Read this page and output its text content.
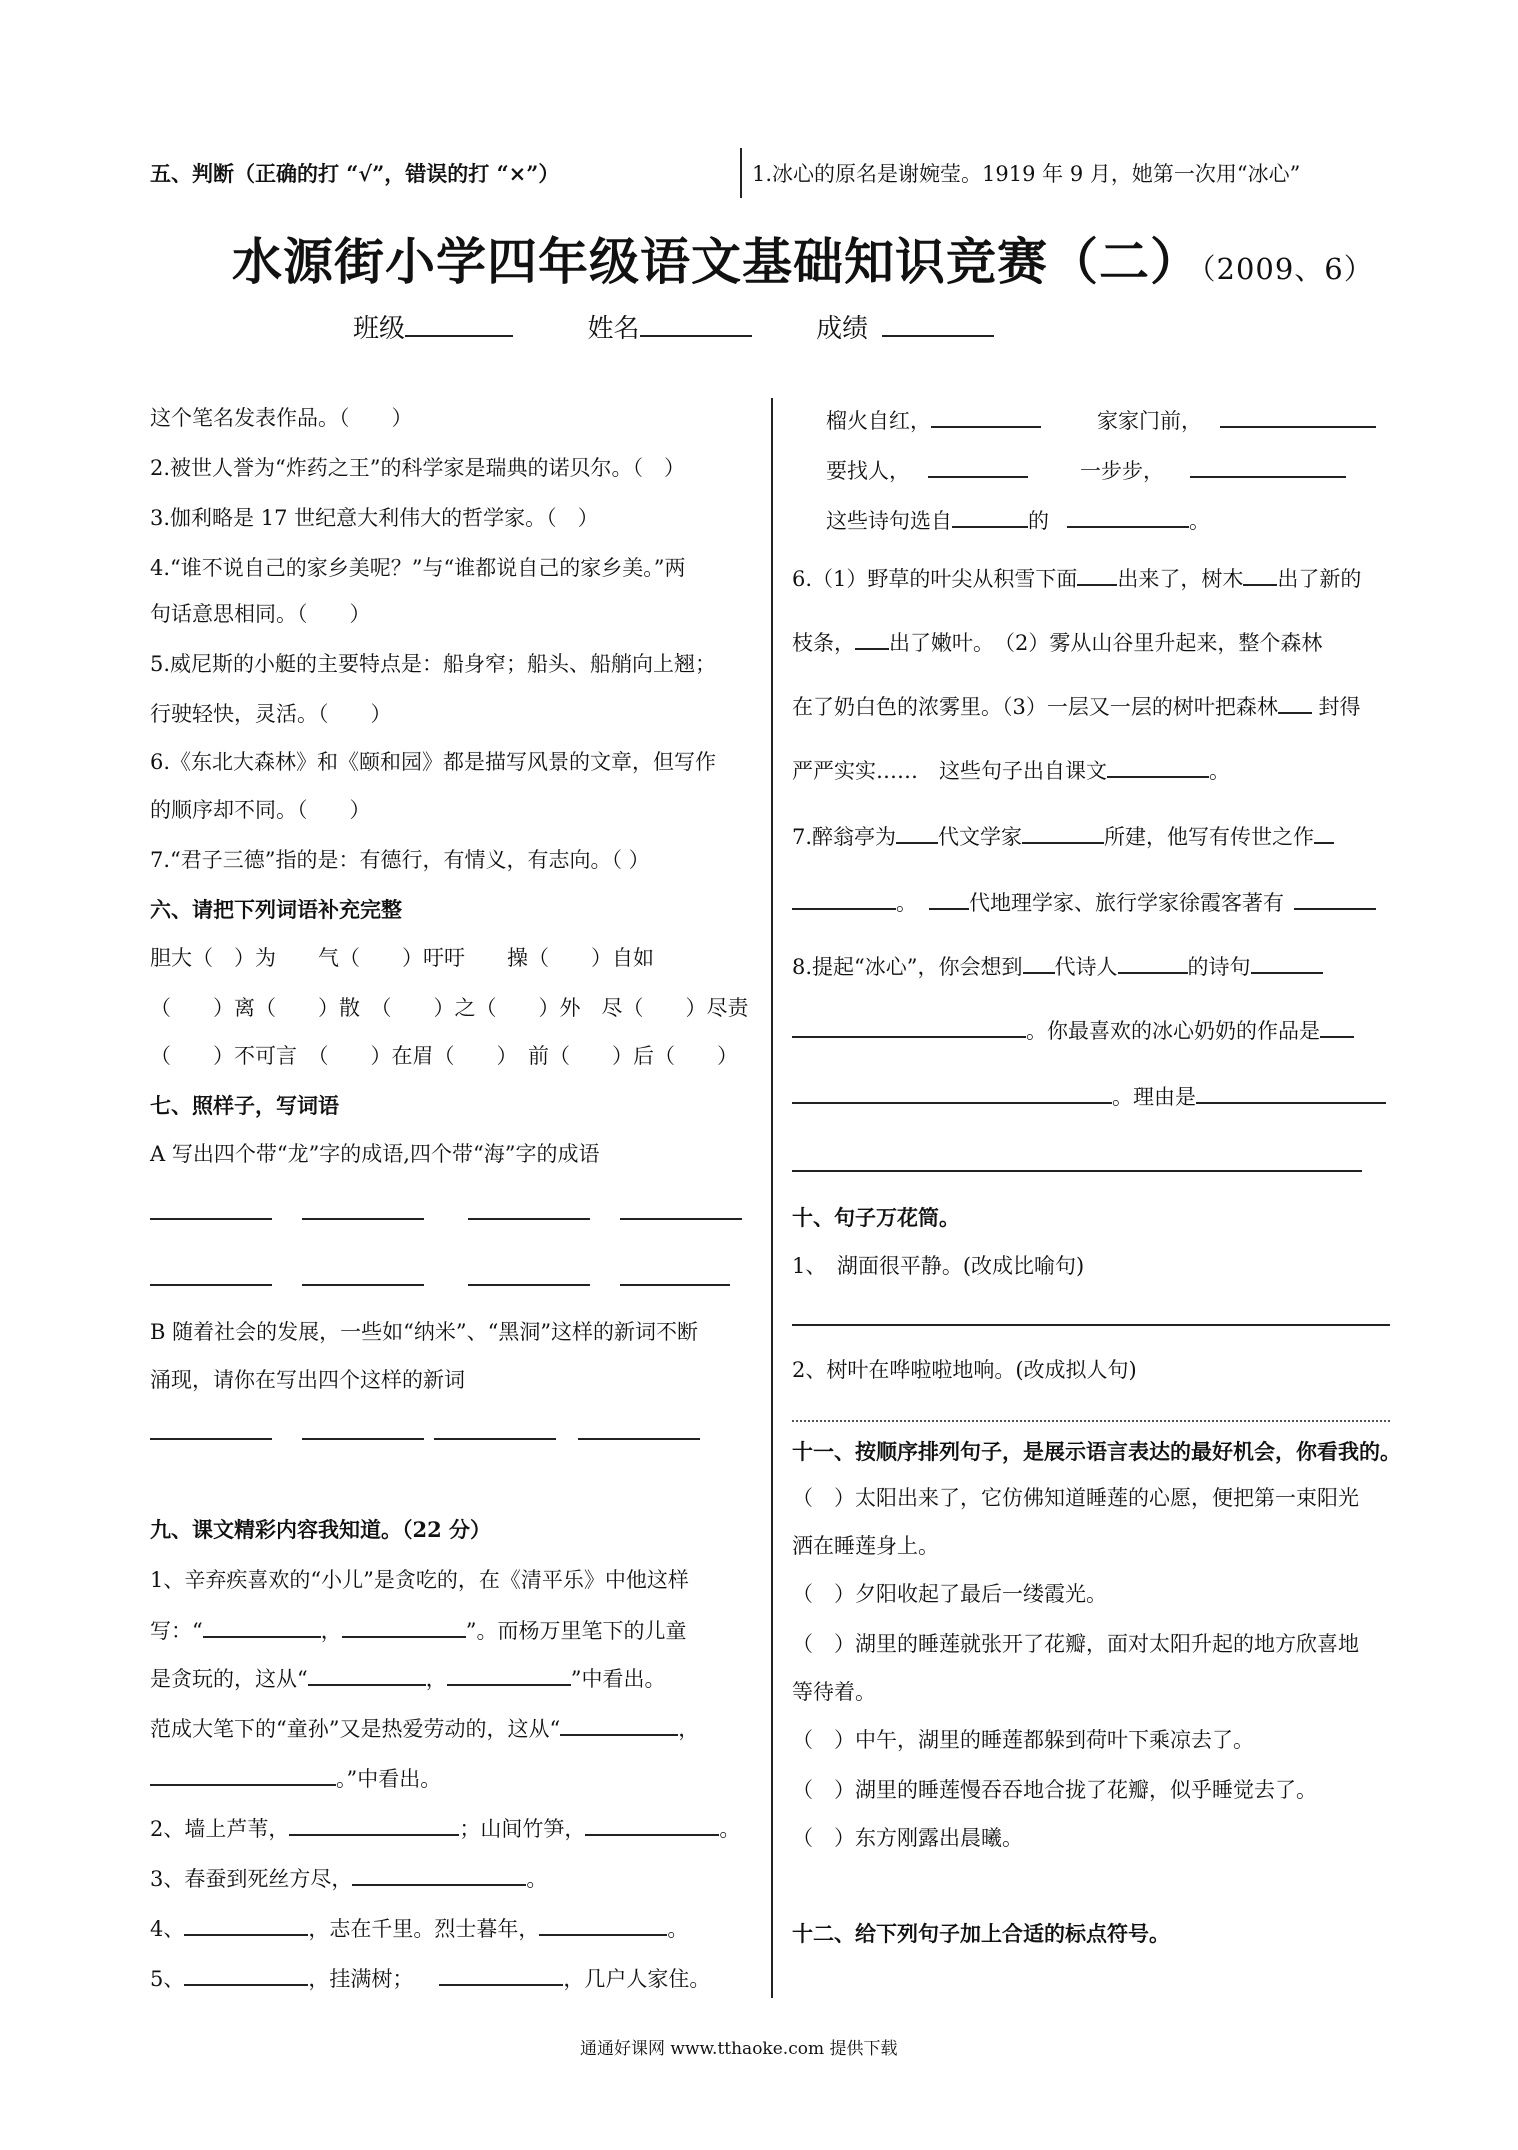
五、判断（正确的打 “√”，错误的打 “×”）	1.冰心的原名是谢婉莹。1919 年 9 月，她第一次用“冰心”
水源街小学四年级语文基础知识竞赛（二）（2009、6）
班级	姓名	成绩
这个笔名发表作品。（　　）
2.被世人誉为“炸药之王”的科学家是瑞典的诺贝尔。（　）
3.伽利略是 17 世纪意大利伟大的哲学家。（　）
4.“谁不说自己的家乡美呢？”与“谁都说自己的家乡美。”两
句话意思相同。（　　）
5.威尼斯的小艇的主要特点是：船身窄；船头、船艄向上翘；
行驶轻快，灵活。（　　）
6.《东北大森林》和《颐和园》都是描写风景的文章，但写作
的顺序却不同。（　　）
7.“君子三德”指的是：有德行，有情义，有志向。（ ）
六、请把下列词语补充完整
胆大（　）为　　气（　　）吁吁　　操（　　）自如
（　　）离（　　）散　（　　）之（　　）外　尽（　　）尽责
（　　）不可言　（　　）在眉（　　）　前（　　）后（　　）
七、照样子，写词语
A 写出四个带“龙”字的成语,四个带“海”字的成语
B 随着社会的发展，一些如“纳米”、“黑洞”这样的新词不断
涌现，请你在写出四个这样的新词
九、课文精彩内容我知道。（22 分）
1、辛弃疾喜欢的“小儿”是贪吃的，在《清平乐》中他这样
写：“	，	”。而杨万里笔下的儿童
是贪玩的，这从“	，	”中看出。
范成大笔下的“童孙”又是热爱劳动的，这从“	，
。”中看出。
2、墙上芦苇，	；山间竹笋，	。
3、春蚕到死丝方尽，	。
4、	，志在千里。烈士暮年，	。
5、	，挂满树；	，几户人家住。
榴火自红，	家家门前，
要找人，	一步步，
这些诗句选自	的	。
6.（1）野草的叶尖从积雪下面 出来了，树木 出了新的
枝条， 出了嫩叶。　（2）雾从山谷里升起来，整个森林
在了奶白色的浓雾里。（3）一层又一层的树叶把森林 封得
严严实实……　这些句子出自课文	。
7.醉翁亭为 代文学家	所建，他写有传世之作
。 代地理学家、旅行学家徐霞客著有
8.提起“冰心”，你会想到 代诗人	的诗句
。你最喜欢的冰心奶奶的作品是
。理由是
十、句子万花筒。
1、　湖面很平静。(改成比喻句)
2、树叶在哗啦啦地响。(改成拟人句)
十一、按顺序排列句子，是展示语言表达的最好机会，你看我的。
（　）太阳出来了，它仿佛知道睡莲的心愿，便把第一束阳光
洒在睡莲身上。
（　）夕阳收起了最后一缕霞光。
（　）湖里的睡莲就张开了花瓣，面对太阳升起的地方欣喜地
等待着。
（　）中午，湖里的睡莲都躲到荷叶下乘凉去了。
（　）湖里的睡莲慢吞吞地合拢了花瓣，似乎睡觉去了。
（　）东方刚露出晨曦。
十二、给下列句子加上合适的标点符号。
通通好课网 www.tthaoke.com 提供下载
